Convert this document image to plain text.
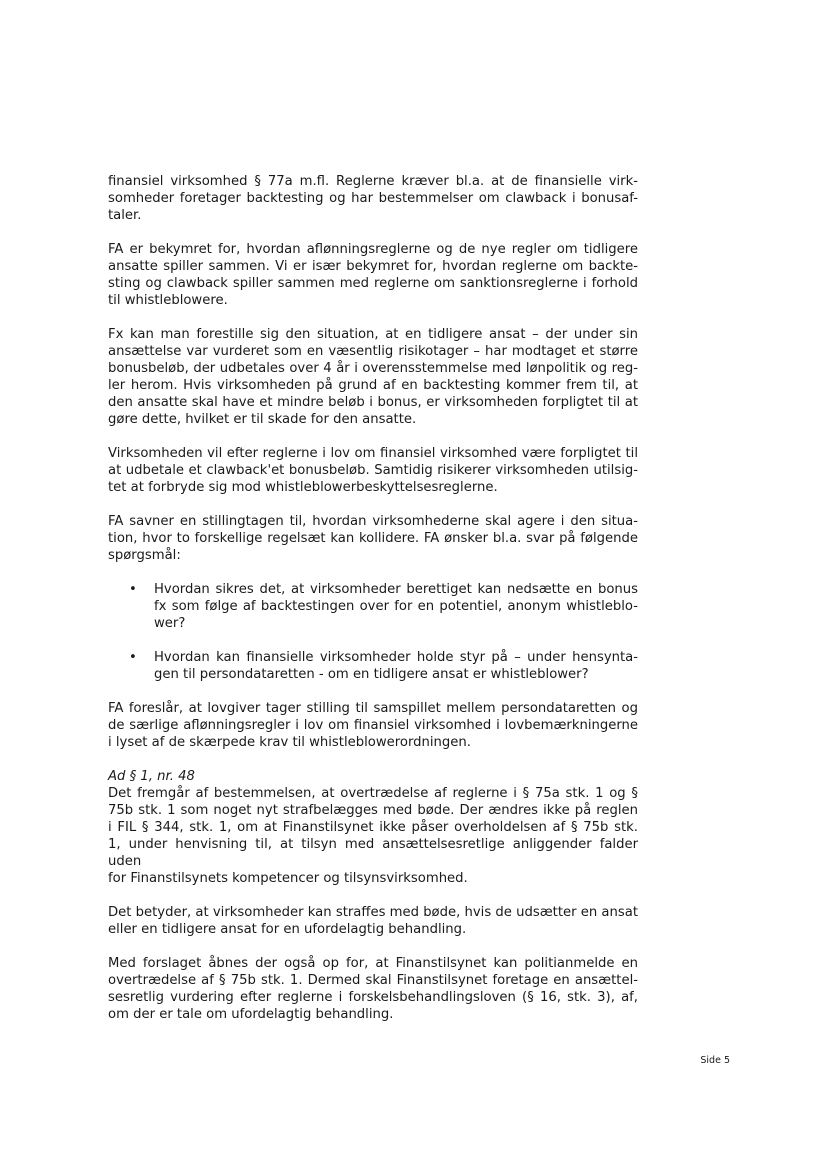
finansiel virksomhed § 77a m.fl. Reglerne kræver bl.a. at de finansielle virk-
somheder foretager backtesting og har bestemmelser om clawback i bonusaf-
taler.

FA er bekymret for, hvordan aflønningsreglerne og de nye regler om tidligere
ansatte spiller sammen. Vi er især bekymret for, hvordan reglerne om backte-
sting og clawback spiller sammen med reglerne om sanktionsreglerne i forhold
til whistleblowere.

Fx kan man forestille sig den situation, at en tidligere ansat – der under sin
ansættelse var vurderet som en væsentlig risikotager – har modtaget et større
bonusbeløb, der udbetales over 4 år i overensstemmelse med lønpolitik og reg-
ler herom. Hvis virksomheden på grund af en backtesting kommer frem til, at
den ansatte skal have et mindre beløb i bonus, er virksomheden forpligtet til at
gøre dette, hvilket er til skade for den ansatte.

Virksomheden vil efter reglerne i lov om finansiel virksomhed være forpligtet til
at udbetale et clawback'et bonusbeløb. Samtidig risikerer virksomheden utilsig-
tet at forbryde sig mod whistleblowerbeskyttelsesreglerne.

FA savner en stillingtagen til, hvordan virksomhederne skal agere i den situa-
tion, hvor to forskellige regelsæt kan kollidere. FA ønsker bl.a. svar på følgende
spørgsmål:

• Hvordan sikres det, at virksomheder berettiget kan nedsætte en bonus
fx som følge af backtestingen over for en potentiel, anonym whistleblo-
wer?
• Hvordan kan finansielle virksomheder holde styr på – under hensynta-
gen til persondataretten - om en tidligere ansat er whistleblower?

FA foreslår, at lovgiver tager stilling til samspillet mellem persondataretten og
de særlige aflønningsregler i lov om finansiel virksomhed i lovbemærkningerne
i lyset af de skærpede krav til whistleblowerordningen.

Ad § 1, nr. 48

Det fremgår af bestemmelsen, at overtrædelse af reglerne i § 75a stk. 1 og §
75b stk. 1 som noget nyt strafbelægges med bøde. Der ændres ikke på reglen
i FIL § 344, stk. 1, om at Finanstilsynet ikke påser overholdelsen af § 75b stk.
1, under henvisning til, at tilsyn med ansættelsesretlige anliggender falder uden
for Finanstilsynets kompetencer og tilsynsvirksomhed.

Det betyder, at virksomheder kan straffes med bøde, hvis de udsætter en ansat
eller en tidligere ansat for en ufordelagtig behandling.

Med forslaget åbnes der også op for, at Finanstilsynet kan politianmelde en
overtrædelse af § 75b stk. 1. Dermed skal Finanstilsynet foretage en ansættel-
sesretlig vurdering efter reglerne i forskelsbehandlingsloven (§ 16, stk. 3), af,
om der er tale om ufordelagtig behandling.

Side 5
